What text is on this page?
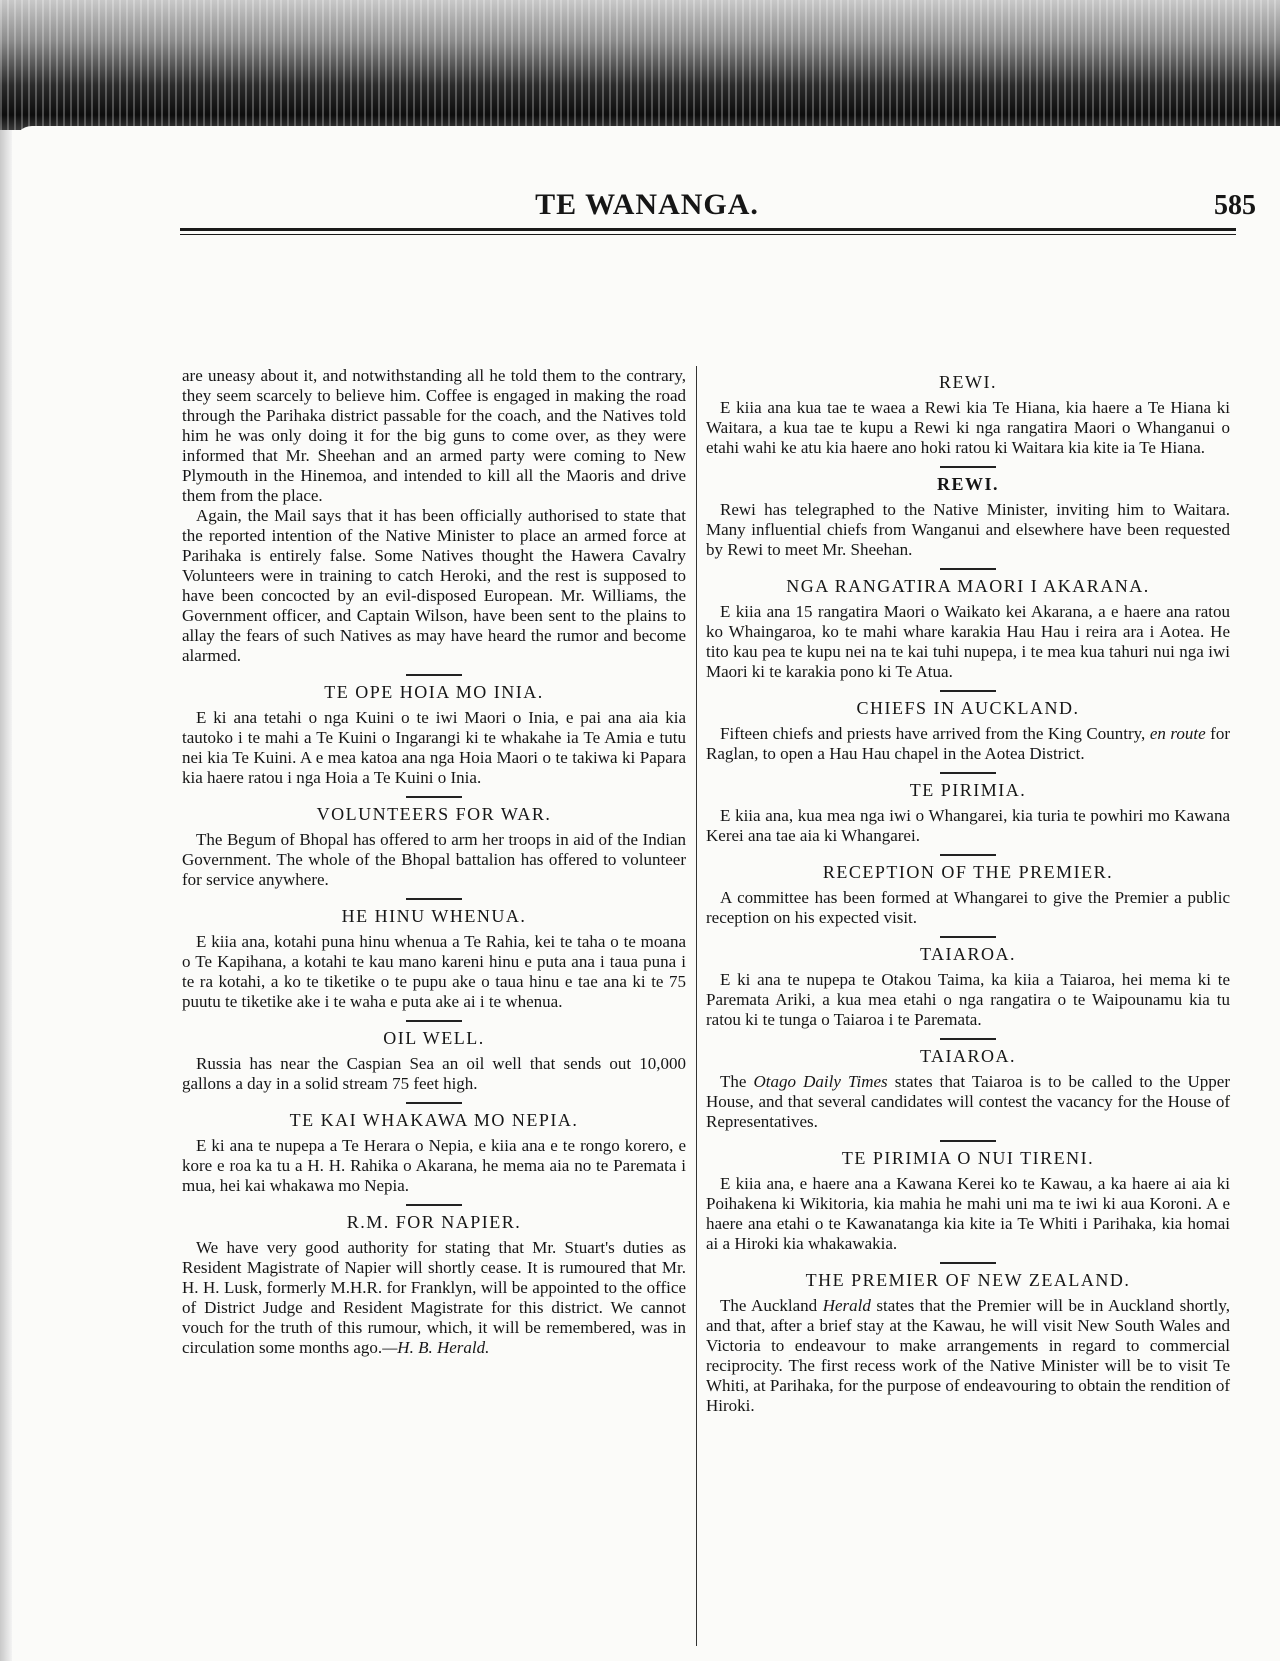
TE WANANGA.	585

are uneasy about it, and notwithstanding all he told them to the contrary, they seem scarcely to believe him. Coffee is engaged in making the road through the Parihaka district passable for the coach, and the Natives told him he was only doing it for the big guns to come over, as they were informed that Mr. Sheehan and an armed party were coming to New Plymouth in the Hinemoa, and intended to kill all the Maoris and drive them from the place.

Again, the Mail says that it has been officially authorised to state that the reported intention of the Native Minister to place an armed force at Parihaka is entirely false. Some Natives thought the Hawera Cavalry Volunteers were in training to catch Heroki, and the rest is supposed to have been concocted by an evil-disposed European. Mr. Williams, the Government officer, and Captain Wilson, have been sent to the plains to allay the fears of such Natives as may have heard the rumor and become alarmed.

TE OPE HOIA MO INIA.

E ki ana tetahi o nga Kuini o te iwi Maori o Inia, e pai ana aia kia tautoko i te mahi a Te Kuini o Ingarangi ki te whakahe ia Te Amia e tutu nei kia Te Kuini. A e mea katoa ana nga Hoia Maori o te takiwa ki Papara kia haere ratou i nga Hoia a Te Kuini o Inia.

VOLUNTEERS FOR WAR.

The Begum of Bhopal has offered to arm her troops in aid of the Indian Government. The whole of the Bhopal battalion has offered to volunteer for service anywhere.

HE HINU WHENUA.

E kiia ana, kotahi puna hinu whenua a Te Rahia, kei te taha o te moana o Te Kapihana, a kotahi te kau mano kareni hinu e puta ana i taua puna i te ra kotahi, a ko te tiketike o te pupu ake o taua hinu e tae ana ki te 75 puutu te tiketike ake i te waha e puta ake ai i te whenua.

OIL WELL.

Russia has near the Caspian Sea an oil well that sends out 10,000 gallons a day in a solid stream 75 feet high.

TE KAI WHAKAWA MO NEPIA.

E ki ana te nupepa a Te Herara o Nepia, e kiia ana e te rongo korero, e kore e roa ka tu a H. H. Rahika o Akarana, he mema aia no te Paremata i mua, hei kai whakawa mo Nepia.

R.M. FOR NAPIER.

We have very good authority for stating that Mr. Stuart's duties as Resident Magistrate of Napier will shortly cease. It is rumoured that Mr. H. H. Lusk, formerly M.H.R. for Franklyn, will be appointed to the office of District Judge and Resident Magistrate for this district. We cannot vouch for the truth of this rumour, which, it will be remembered, was in circulation some months ago.—H. B. Herald.

REWI.

E kiia ana kua tae te waea a Rewi kia Te Hiana, kia haere a Te Hiana ki Waitara, a kua tae te kupu a Rewi ki nga rangatira Maori o Whanganui o etahi wahi ke atu kia haere ano hoki ratou ki Waitara kia kite ia Te Hiana.

REWI.

Rewi has telegraphed to the Native Minister, inviting him to Waitara. Many influential chiefs from Wanganui and elsewhere have been requested by Rewi to meet Mr. Sheehan.

NGA RANGATIRA MAORI I AKARANA.

E kiia ana 15 rangatira Maori o Waikato kei Akarana, a e haere ana ratou ko Whaingaroa, ko te mahi whare karakia Hau Hau i reira ara i Aotea. He tito kau pea te kupu nei na te kai tuhi nupepa, i te mea kua tahuri nui nga iwi Maori ki te karakia pono ki Te Atua.

CHIEFS IN AUCKLAND.

Fifteen chiefs and priests have arrived from the King Country, en route for Raglan, to open a Hau Hau chapel in the Aotea District.

TE PIRIMIA.

E kiia ana, kua mea nga iwi o Whangarei, kia turia te powhiri mo Kawana Kerei ana tae aia ki Whangarei.

RECEPTION OF THE PREMIER.

A committee has been formed at Whangarei to give the Premier a public reception on his expected visit.

TAIAROA.

E ki ana te nupepa te Otakou Taima, ka kiia a Taiaroa, hei mema ki te Paremata Ariki, a kua mea etahi o nga rangatira o te Waipounamu kia tu ratou ki te tunga o Taiaroa i te Paremata.

TAIAROA.

The Otago Daily Times states that Taiaroa is to be called to the Upper House, and that several candidates will contest the vacancy for the House of Representatives.

TE PIRIMIA O NUI TIRENI.

E kiia ana, e haere ana a Kawana Kerei ko te Kawau, a ka haere ai aia ki Poihakena ki Wikitoria, kia mahia he mahi uni ma te iwi ki aua Koroni. A e haere ana etahi o te Kawanatanga kia kite ia Te Whiti i Parihaka, kia homai ai a Hiroki kia whakawakia.

THE PREMIER OF NEW ZEALAND.

The Auckland Herald states that the Premier will be in Auckland shortly, and that, after a brief stay at the Kawau, he will visit New South Wales and Victoria to endeavour to make arrangements in regard to commercial reciprocity. The first recess work of the Native Minister will be to visit Te Whiti, at Parihaka, for the purpose of endeavouring to obtain the rendition of Hiroki.
